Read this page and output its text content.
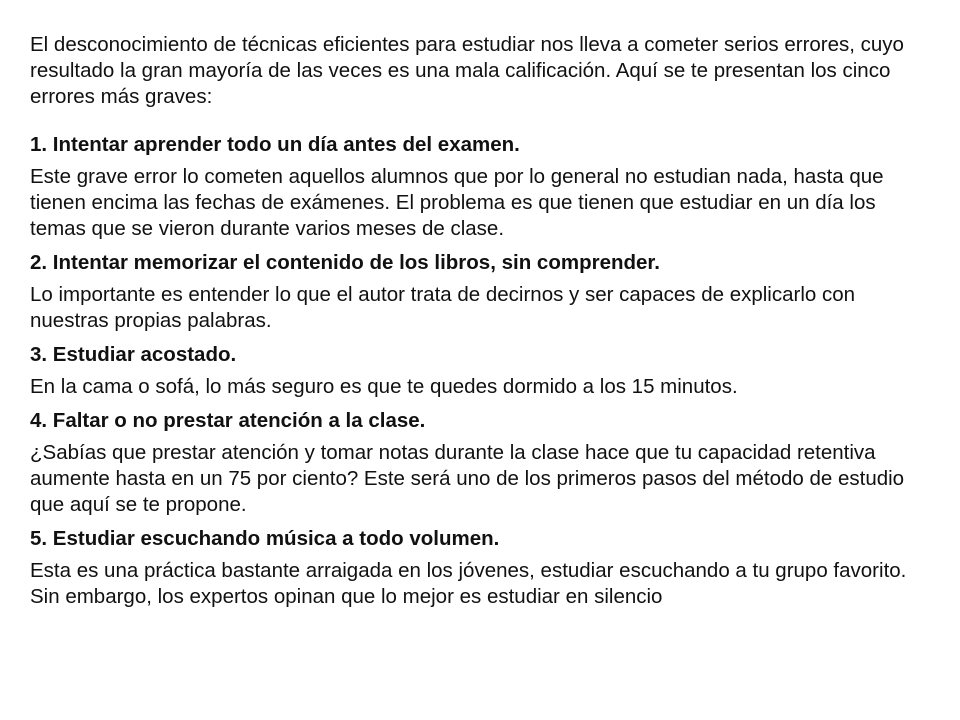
El desconocimiento de técnicas eficientes para estudiar nos lleva a cometer serios errores, cuyo resultado la gran mayoría de las veces es una mala calificación. Aquí se te presentan los cinco errores más graves:

1. Intentar aprender todo un día antes del examen.

Este grave error lo cometen aquellos alumnos que por lo general no estudian nada, hasta que tienen encima las fechas de exámenes. El problema es que tienen que estudiar en un día los temas que se vieron durante varios meses de clase.

2. Intentar memorizar el contenido de los libros, sin comprender.

Lo importante es entender lo que el autor trata de decirnos y ser capaces de explicarlo con nuestras propias palabras.

3. Estudiar acostado.

En la cama o sofá, lo más seguro es que te quedes dormido a los 15 minutos.

4. Faltar o no prestar atención a la clase.

¿Sabías que prestar atención y tomar notas durante la clase hace que tu capacidad retentiva aumente hasta en un 75 por ciento? Este será uno de los primeros pasos del método de estudio que aquí se te propone.

5. Estudiar escuchando música a todo volumen.

Esta es una práctica bastante arraigada en los jóvenes, estudiar escuchando a tu grupo favorito. Sin embargo, los expertos opinan que lo mejor es estudiar en silencio
